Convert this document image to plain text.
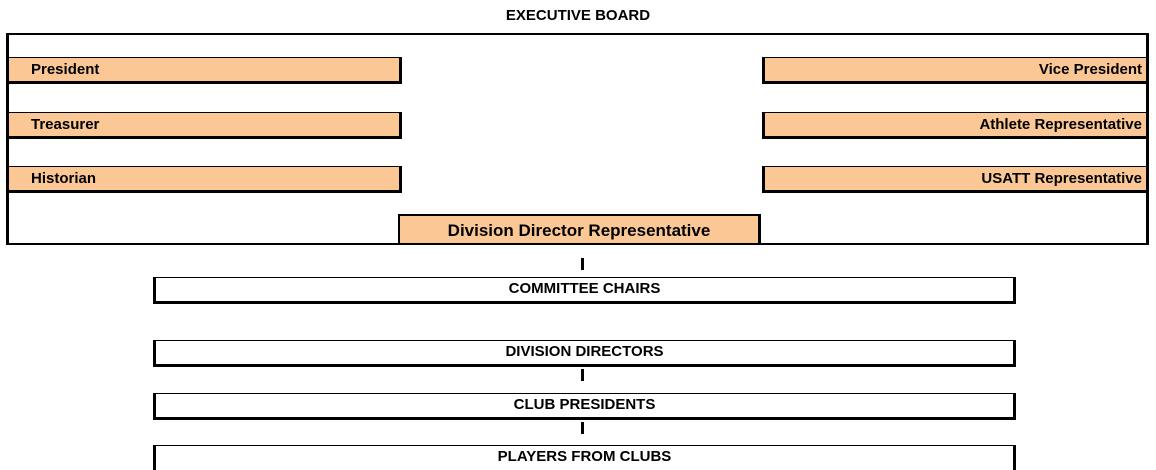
EXECUTIVE BOARD
President
Treasurer
Historian
Vice President
Athlete Representative
USATT Representative
Division Director Representative
COMMITTEE CHAIRS
DIVISION DIRECTORS
CLUB PRESIDENTS
PLAYERS FROM CLUBS
